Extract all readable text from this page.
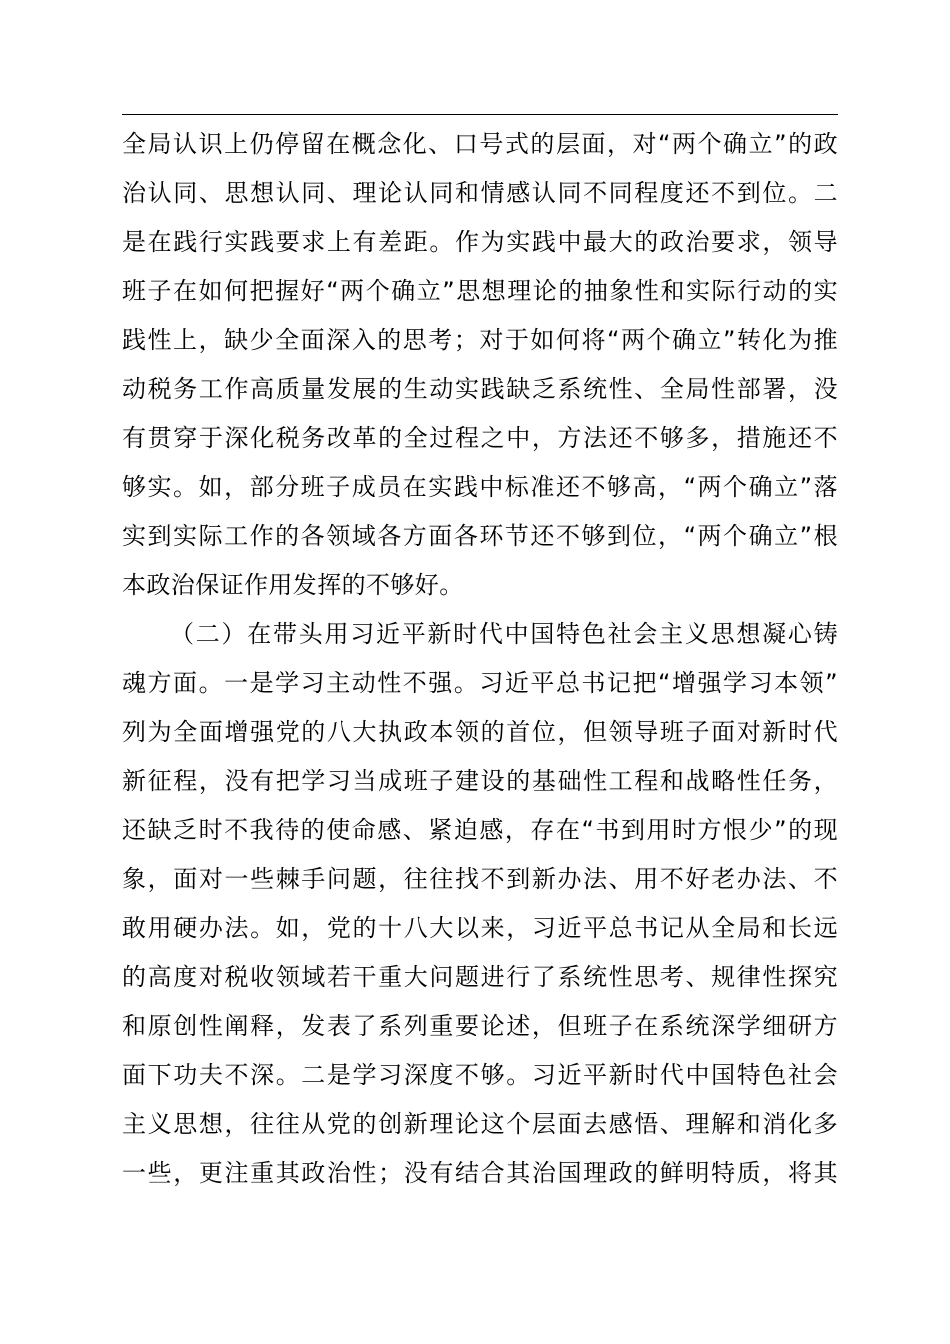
全局认识上仍停留在概念化、口号式的层面，对“两个确立”的政
治认同、思想认同、理论认同和情感认同不同程度还不到位。二
是在践行实践要求上有差距。作为实践中最大的政治要求，领导
班子在如何把握好“两个确立”思想理论的抽象性和实际行动的实
践性上，缺少全面深入的思考；对于如何将“两个确立”转化为推
动税务工作高质量发展的生动实践缺乏系统性、全局性部署，没
有贯穿于深化税务改革的全过程之中，方法还不够多，措施还不
够实。如，部分班子成员在实践中标准还不够高，“两个确立”落
实到实际工作的各领域各方面各环节还不够到位，“两个确立”根
本政治保证作用发挥的不够好。
（二）在带头用习近平新时代中国特色社会主义思想凝心铸
魂方面。一是学习主动性不强。习近平总书记把“增强学习本领”
列为全面增强党的八大执政本领的首位，但领导班子面对新时代
新征程，没有把学习当成班子建设的基础性工程和战略性任务，
还缺乏时不我待的使命感、紧迫感，存在“书到用时方恨少”的现
象，面对一些棘手问题，往往找不到新办法、用不好老办法、不
敢用硬办法。如，党的十八大以来，习近平总书记从全局和长远
的高度对税收领域若干重大问题进行了系统性思考、规律性探究
和原创性阐释，发表了系列重要论述，但班子在系统深学细研方
面下功夫不深。二是学习深度不够。习近平新时代中国特色社会
主义思想，往往从党的创新理论这个层面去感悟、理解和消化多
一些，更注重其政治性；没有结合其治国理政的鲜明特质，将其
